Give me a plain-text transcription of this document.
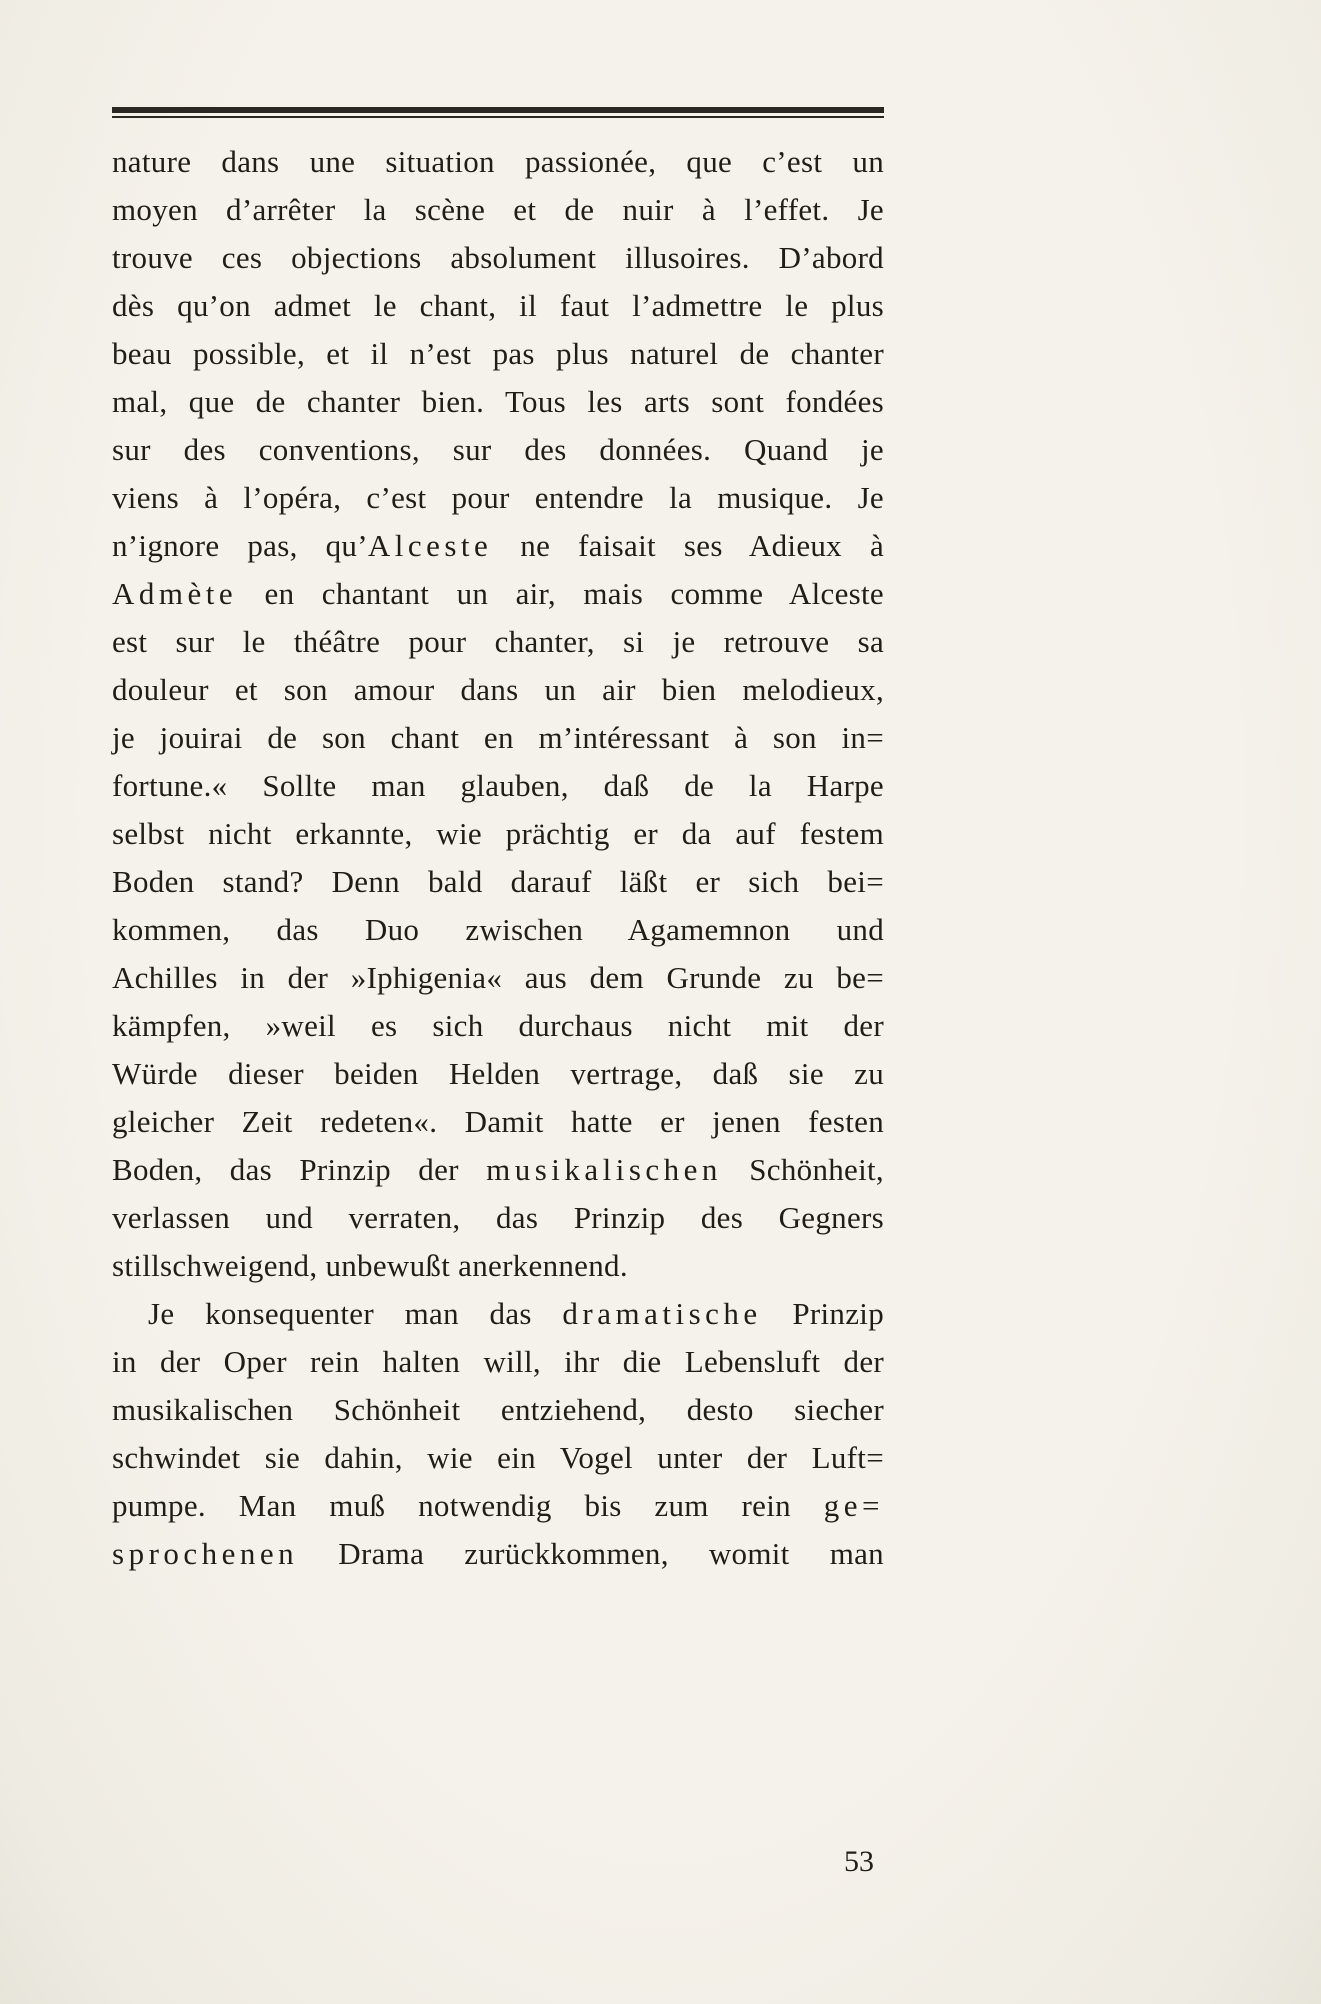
nature dans une situation passionée, que c’est un
moyen d’arrêter la scène et de nuir à l’effet. Je
trouve ces objections absolument illusoires. D’abord
dès qu’on admet le chant, il faut l’admettre le plus
beau possible, et il n’est pas plus naturel de chanter
mal, que de chanter bien. Tous les arts sont fondées
sur des conventions, sur des données. Quand je
viens à l’opéra, c’est pour entendre la musique. Je
n’ignore pas, qu’Alceste ne faisait ses Adieux à
Admète en chantant un air, mais comme Alceste
est sur le théâtre pour chanter, si je retrouve sa
douleur et son amour dans un air bien melodieux,
je jouirai de son chant en m’intéressant à son in=
fortune.« Sollte man glauben, daß de la Harpe
selbst nicht erkannte, wie prächtig er da auf festem
Boden stand? Denn bald darauf läßt er sich bei=
kommen, das Duo zwischen Agamemnon und
Achilles in der »Iphigenia« aus dem Grunde zu be=
kämpfen, »weil es sich durchaus nicht mit der
Würde dieser beiden Helden vertrage, daß sie zu
gleicher Zeit redeten«. Damit hatte er jenen festen
Boden, das Prinzip der musikalischen Schönheit,
verlassen und verraten, das Prinzip des Gegners
stillschweigend, unbewußt anerkennend.
Je konsequenter man das dramatische Prinzip
in der Oper rein halten will, ihr die Lebensluft der
musikalischen Schönheit entziehend, desto siecher
schwindet sie dahin, wie ein Vogel unter der Luft=
pumpe. Man muß notwendig bis zum rein ge=
sprochenen Drama zurückkommen, womit man
53
